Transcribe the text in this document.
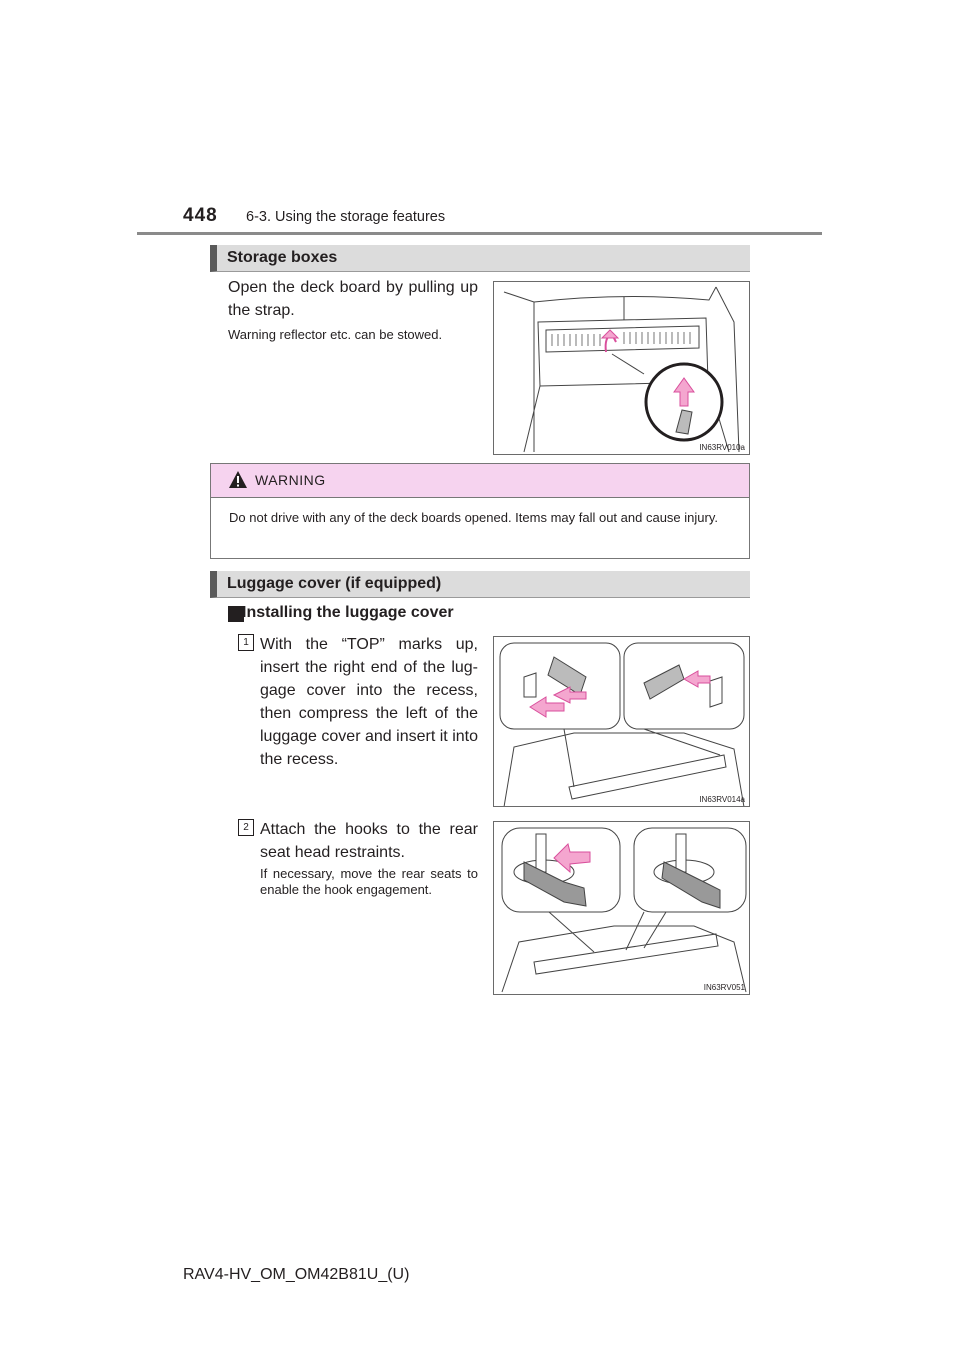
448 6-3. Using the storage features
Storage boxes
Open the deck board by pulling up the strap.
Warning reflector etc. can be stowed.
IN63RV010a
WARNING
Do not drive with any of the deck boards opened. Items may fall out and cause injury.
Luggage cover (if equipped)
Installing the luggage cover
1 With the “TOP” marks up, insert the right end of the lug-gage cover into the recess, then compress the left of the luggage cover and insert it into the recess.
IN63RV014a
2 Attach the hooks to the rear seat head restraints.
If necessary, move the rear seats to enable the hook engagement.
IN63RV051
RAV4-HV_OM_OM42B81U_(U)
